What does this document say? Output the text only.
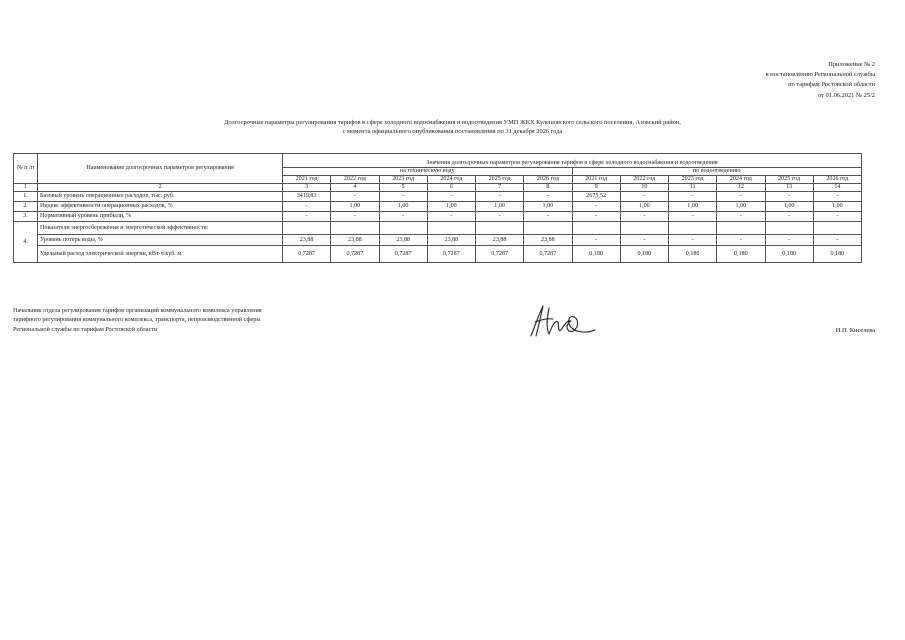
Приложение № 2
к постановлению Региональной службы
по тарифам Ростовской области
от 01.06.2021 № 25/2
Долгосрочные параметры регулирования тарифов в сфере холодного водоснабжения и водоотведения УМП ЖКХ Кулешовского сельского поселения, Азовский район,
с момента официального опубликования постановления по 31 декабря 2026 года
№ п /п	Наименование долгосрочных параметров регулирования	Значения долгосрочных параметров регулирования тарифов в сфере холодного водоснабжения и водоотведения											
		на техническую воду						по водоотведению					
		2021 год	2022 год	2023 год	2024 год	2025 год	2026 год	2021 год	2022 год	2023 год	2024 год	2025 год	2026 год
1	2	3	4	5	6	7	8	9	10	11	12	13	14
1.	Базовый уровень операционных расходов, тыс. руб.	3419,83	-	-	-	-	-	2675,52	-	-	-	-	-
2.	Индекс эффективности операционных расходов, %	-	1,00	1,00	1,00	1,00	1,00	-	1,00	1,00	1,00	1,00	1,00
3.	Нормативный уровень прибыли, %	-	-	-	-	-	-	-	-	-	-	-	-
4.	Показатели энергосбережения и энергетической эффективности:												
	Уровень потерь воды, %	23,88	23,88	23,88	23,88	23,88	23,88	-	-	-	-	-	-
	Удельный расход электрической энергии, кВт·ч/куб. м	0,7287	0,7287	0,7287	0,7287	0,7287	0,7287	0,180	0,180	0,180	0,180	0,180	0,180
Начальник отдела регулирования тарифов организаций коммунального комплекса управления
тарифного регулирования коммунального комплекса, транспорта, непроизводственной сферы
Региональной службы по тарифам Ростовской области	И.П. Киселева
